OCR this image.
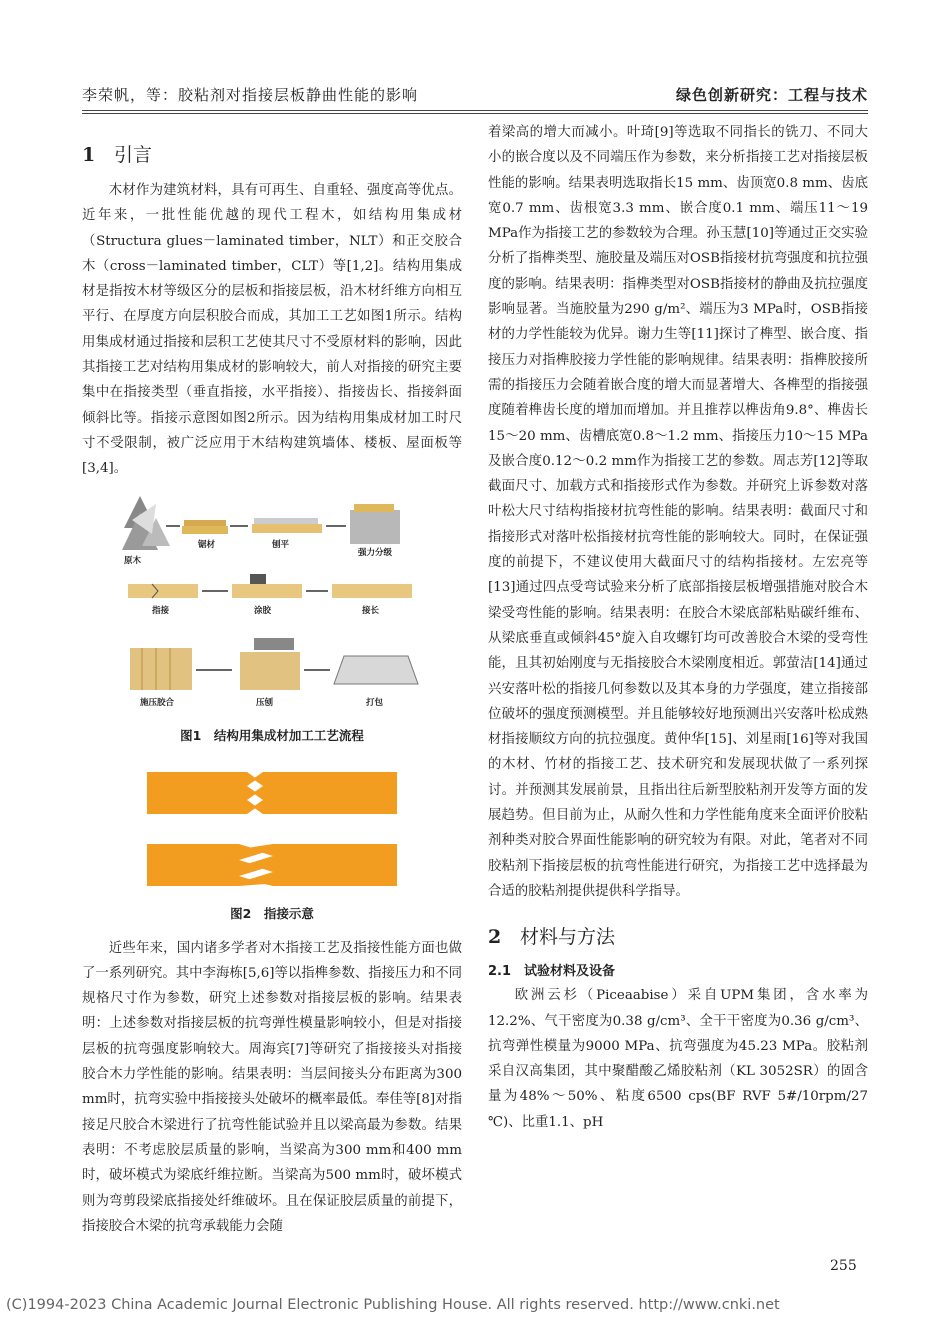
李荣帆，等：胶粘剂对指接层板静曲性能的影响	绿色创新研究：工程与技术
1 引言

木材作为建筑材料，具有可再生、自重轻、强度高等优点。近年来，一批性能优越的现代工程木，如结构用集成材（Structura glues－laminated timber，NLT）和正交胶合木（cross－laminated timber，CLT）等[1,2]。结构用集成材是指按木材等级区分的层板和指接层板，沿木材纤维方向相互平行、在厚度方向层积胶合而成，其加工工艺如图1所示。结构用集成材通过指接和层积工艺使其尺寸不受原材料的影响，因此其指接工艺对结构用集成材的影响较大，前人对指接的研究主要集中在指接类型（垂直指接，水平指接）、指接齿长、指接斜面倾斜比等。指接示意图如图2所示。因为结构用集成材加工时尺寸不受限制，被广泛应用于木结构建筑墙体、楼板、屋面板等[3,4]。

原木
锯材	刨平
强力分级
指接	涂胶	接长
施压胶合	压刨	打包
图1　结构用集成材加工工艺流程
图2　指接示意

近些年来，国内诸多学者对木指接工艺及指接性能方面也做了一系列研究。其中李海栋[5,6]等以指榫参数、指接压力和不同规格尺寸作为参数，研究上述参数对指接层板的影响。结果表明：上述参数对指接层板的抗弯弹性模量影响较小，但是对指接层板的抗弯强度影响较大。周海宾[7]等研究了指接接头对指接胶合木力学性能的影响。结果表明：当层间接头分布距离为300 mm时，抗弯实验中指接接头处破坏的概率最低。奉佳等[8]对指接足尺胶合木梁进行了抗弯性能试验并且以梁高最为参数。结果表明：不考虑胶层质量的影响，当梁高为300 mm和400 mm时，破坏模式为梁底纤维拉断。当梁高为500 mm时，破坏模式则为弯剪段梁底指接处纤维破坏。且在保证胶层质量的前提下，指接胶合木梁的抗弯承载能力会随

着梁高的增大而减小。叶琦[9]等选取不同指长的铣刀、不同大小的嵌合度以及不同端压作为参数，来分析指接工艺对指接层板性能的影响。结果表明选取指长15 mm、齿顶宽0.8 mm、齿底宽0.7 mm、齿根宽3.3 mm、嵌合度0.1 mm、端压11～19 MPa作为指接工艺的参数较为合理。孙玉慧[10]等通过正交实验分析了指榫类型、施胶量及端压对OSB指接材抗弯强度和抗拉强度的影响。结果表明：指榫类型对OSB指接材的静曲及抗拉强度影响显著。当施胶量为290 g/m²、端压为3 MPa时，OSB指接材的力学性能较为优异。谢力生等[11]探讨了榫型、嵌合度、指接压力对指榫胶接力学性能的影响规律。结果表明：指榫胶接所需的指接压力会随着嵌合度的增大而显著增大、各榫型的指接强度随着榫齿长度的增加而增加。并且推荐以榫齿角9.8°、榫齿长15～20 mm、齿槽底宽0.8～1.2 mm、指接压力10～15 MPa及嵌合度0.12～0.2 mm作为指接工艺的参数。周志芳[12]等取截面尺寸、加载方式和指接形式作为参数。并研究上诉参数对落叶松大尺寸结构指接材抗弯性能的影响。结果表明：截面尺寸和指接形式对落叶松指接材抗弯性能的影响较大。同时，在保证强度的前提下，不建议使用大截面尺寸的结构指接材。左宏亮等[13]通过四点受弯试验来分析了底部指接层板增强措施对胶合木梁受弯性能的影响。结果表明：在胶合木梁底部粘贴碳纤维布、从梁底垂直或倾斜45°旋入自攻螺钉均可改善胶合木梁的受弯性能，且其初始刚度与无指接胶合木梁刚度相近。郭萤洁[14]通过兴安落叶松的指接几何参数以及其本身的力学强度，建立指接部位破坏的强度预测模型。并且能够较好地预测出兴安落叶松成熟材指接顺纹方向的抗拉强度。黄仲华[15]、刘星雨[16]等对我国的木材、竹材的指接工艺、技术研究和发展现状做了一系列探讨。并预测其发展前景，且指出往后新型胶粘剂开发等方面的发展趋势。但目前为止，从耐久性和力学性能角度来全面评价胶粘剂种类对胶合界面性能影响的研究较为有限。对此，笔者对不同胶粘剂下指接层板的抗弯性能进行研究，为指接工艺中选择最为合适的胶粘剂提供提供科学指导。

2 材料与方法
2.1　 试验材料及设备

欧洲云杉（Piceaabise）采自UPM集团，含水率为12.2%、气干密度为0.38 g/cm³、全干干密度为0.36 g/cm³、抗弯弹性模量为9000 MPa、抗弯强度为45.23 MPa。胶粘剂采自汉高集团，其中聚醋酸乙烯胶粘剂（KL 3052SR）的固含量为48%～50%、粘度6500 cps(BF RVF 5#/10rpm/27 ℃)、比重1.1、pH

255
(C)1994-2023 China Academic Journal Electronic Publishing House. All rights reserved. http://www.cnki.net
